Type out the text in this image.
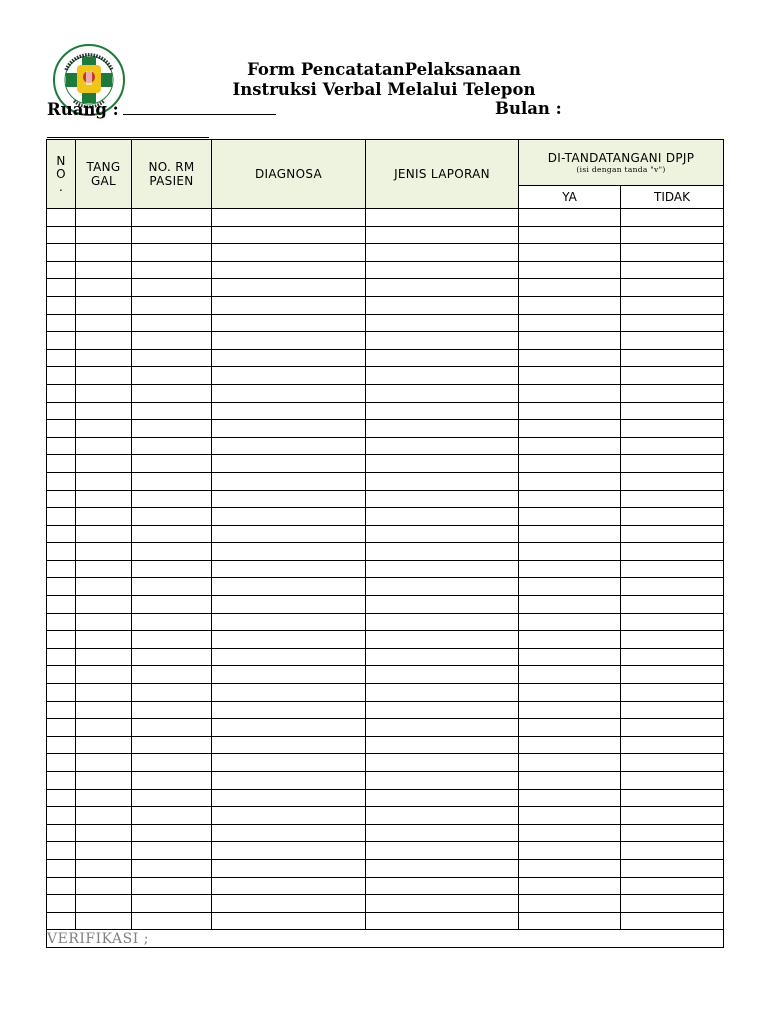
Form PencatatanPelaksanaan
Instruksi Verbal Melalui Telepon
Ruang :	Bulan :
N O .	TANG GAL	NO. RM PASIEN	DIAGNOSA	JENIS LAPORAN	DI-TANDATANGANI DPJP
(isi dengan tanda "v")	

					YA	TIDAK

VERIFIKASI ;						
